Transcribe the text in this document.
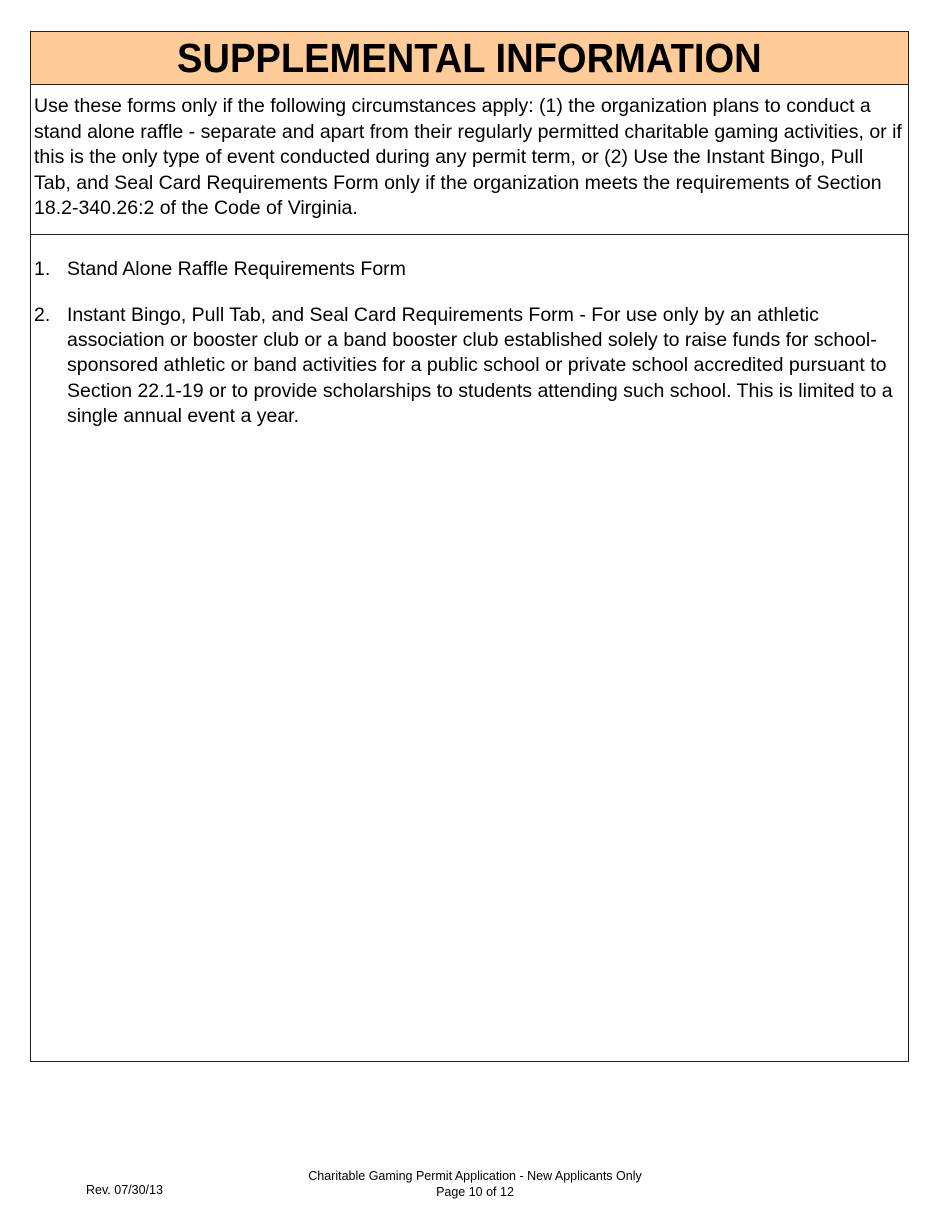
SUPPLEMENTAL INFORMATION
Use these forms only if the following circumstances apply: (1) the organization plans to conduct a stand alone raffle - separate and apart from their regularly permitted charitable gaming activities, or if this is the only type of event conducted during any permit term, or (2) Use the Instant Bingo, Pull Tab, and Seal Card Requirements Form only if the organization meets the requirements of Section 18.2-340.26:2 of the Code of Virginia.
1. Stand Alone Raffle Requirements Form
2. Instant Bingo, Pull Tab, and Seal Card Requirements Form - For use only by an athletic association or booster club or a band booster club established solely to raise funds for school-sponsored athletic or band activities for a public school or private school accredited pursuant to Section 22.1-19 or to provide scholarships to students attending such school. This is limited to a single annual event a year.
Rev. 07/30/13
Charitable Gaming Permit Application - New Applicants Only
Page 10 of 12
